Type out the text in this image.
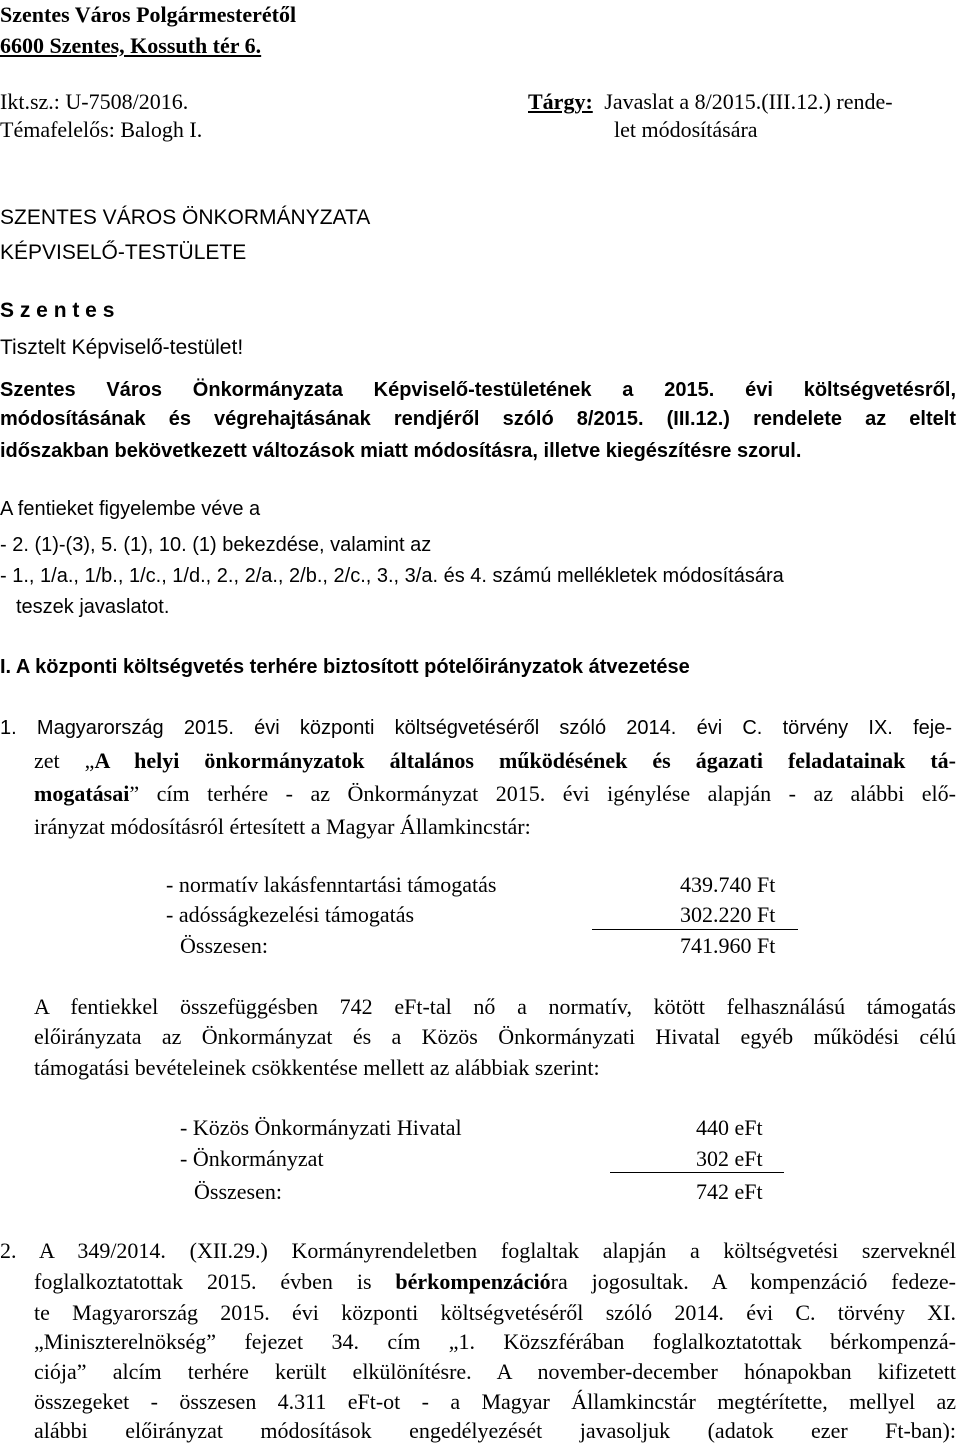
Szentes Város Polgármesterétől
6600 Szentes, Kossuth tér 6.
Ikt.sz.: U-7508/2016.
Témafelelős: Balogh I.
Tárgy: Javaslat a 8/2015.(III.12.) rende-
let módosítására
SZENTES VÁROS ÖNKORMÁNYZATA
KÉPVISELŐ-TESTÜLETE
S z e n t e s
Tisztelt Képviselő-testület!
Szentes Város Önkormányzata Képviselő-testületének a 2015. évi költségvetésről,
módosításának és végrehajtásának rendjéről szóló 8/2015. (III.12.) rendelete az eltelt
időszakban bekövetkezett változások miatt módosításra, illetve kiegészítésre szorul.
A fentieket figyelembe véve a
- 2. (1)-(3), 5. (1), 10. (1) bekezdése, valamint az
- 1., 1/a., 1/b., 1/c., 1/d., 2., 2/a., 2/b., 2/c., 3., 3/a. és 4. számú mellékletek módosítására
teszek javaslatot.
I. A központi költségvetés terhére biztosított pótelőirányzatok átvezetése
1. Magyarország 2015. évi központi költségvetéséről szóló 2014. évi C. törvény IX. feje-
zet „A helyi önkormányzatok általános működésének és ágazati feladatainak tá-
mogatásai” cím terhére - az Önkormányzat 2015. évi igénylése alapján - az alábbi elő-
irányzat módosításról értesített a Magyar Államkincstár:
- normatív lakásfenntartási támogatás	439.740 Ft
- adósságkezelési támogatás	302.220 Ft
Összesen:	741.960 Ft
A fentiekkel összefüggésben 742 eFt-tal nő a normatív, kötött felhasználású támogatás
előirányzata az Önkormányzat és a Közös Önkormányzati Hivatal egyéb működési célú
támogatási bevételeinek csökkentése mellett az alábbiak szerint:
- Közös Önkormányzati Hivatal	440 eFt
- Önkormányzat	302 eFt
Összesen:	742 eFt
2. A 349/2014. (XII.29.) Kormányrendeletben foglaltak alapján a költségvetési szerveknél
foglalkoztatottak 2015. évben is bérkompenzációra jogosultak. A kompenzáció fedeze-
te Magyarország 2015. évi központi költségvetéséről szóló 2014. évi C. törvény XI.
„Miniszterelnökség” fejezet 34. cím „1. Közszférában foglalkoztatottak bérkompenzá-
ciója” alcím terhére került elkülönítésre. A november-december hónapokban kifizetett
összegeket - összesen 4.311 eFt-ot - a Magyar Államkincstár megtérítette, mellyel az
alábbi előirányzat módosítások engedélyezését javasoljuk (adatok ezer Ft-ban):
